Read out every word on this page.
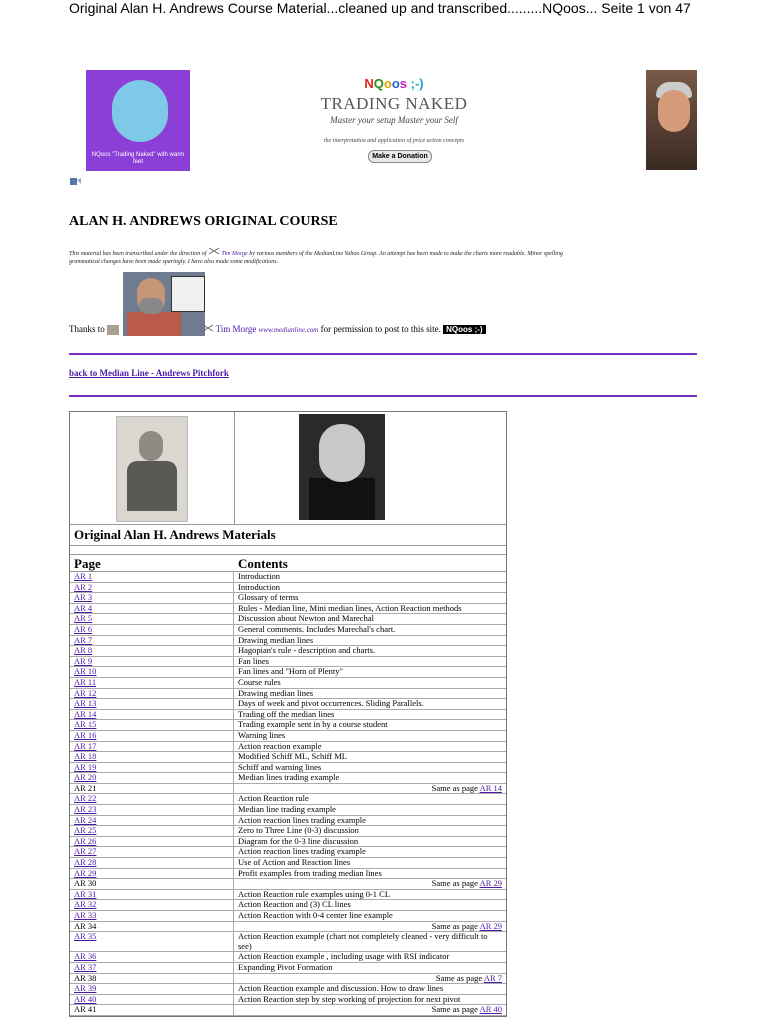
Original Alan H. Andrews Course Material...cleaned up and transcribed.........NQoos... Seite 1 von 47
NQoos "Trading Naked" with warm feet
NQoos ;-)
TRADING NAKED
Master your setup Master your Self
the interpretation and application of price action concepts
Make a Donation
ALAN H. ANDREWS ORIGINAL COURSE
This material has been transcribed under the direction of	Tim Morge by various members of the MedianLine Yahoo Group. An attempt has been made to make the charts more readable. Minor spelling
grammatical changes have been made sparingly. I have also made some modifications.
Thanks to	Tim Morge www.medianline.com for permission to post to this site. NQoos ;-)
back to Median Line - Andrews Pitchfork
Original Alan H. Andrews Materials
Page	Contents
AR 1	Introduction
AR 2	Introduction
AR 3	Glossary of terms
AR 4	Rules - Median line, Mini median lines, Action Reaction methods
AR 5	Discussion about Newton and Marechal
AR 6	General comments. Includes Marechal's chart.
AR 7	Drawing median lines
AR 8	Hagopian's rule - description and charts.
AR 9	Fan lines
AR 10	Fan lines and "Horn of Plenty"
AR 11	Course rules
AR 12	Drawing median lines
AR 13	Days of week and pivot occurrences. Sliding Parallels.
AR 14	Trading off the median lines
AR 15	Trading example sent in by a course student
AR 16	Warning lines
AR 17	Action reaction example
AR 18	Modified Schiff ML, Schiff ML
AR 19	Schiff and warning lines
AR 20	Median lines trading example
AR 21	Same as page AR 14
AR 22	Action Reaction rule
AR 23	Median line trading example
AR 24	Action reaction lines trading example
AR 25	Zero to Three Line (0-3) discussion
AR 26	Diagram for the 0-3 line discussion
AR 27	Action reaction lines trading example
AR 28	Use of Action and Reaction lines
AR 29	Profit examples from trading median lines
AR 30	Same as page AR 29
AR 31	Action Reaction rule examples using 0-1 CL
AR 32	Action Reaction and (3) CL lines
AR 33	Action Reaction with 0-4 center line example
AR 34	Same as page AR 29
AR 35	Action Reaction example (chart not completely cleaned - very difficult to see)
AR 36	Action Reaction example , including usage with RSI indicator
AR 37	Expanding Pivot Formation
AR 38	Same as page AR 7
AR 39	Action Reaction example and discussion. How to draw lines
AR 40	Action Reaction step by step working of projection for next pivot
AR 41	Same as page AR 40
